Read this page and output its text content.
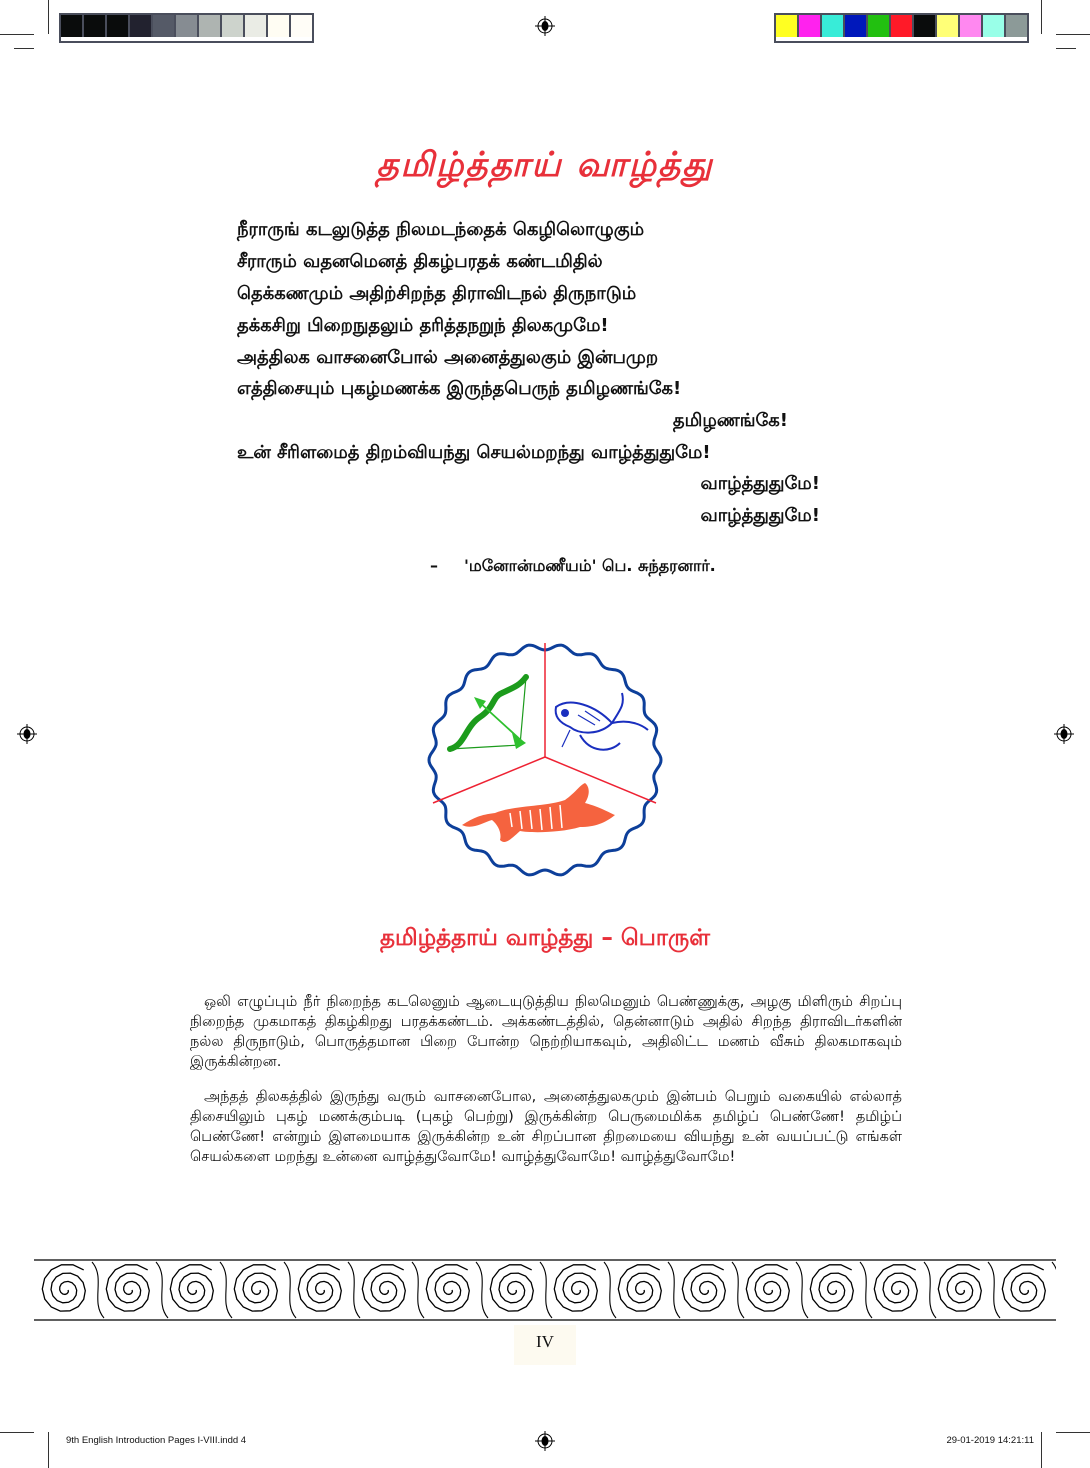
தமிழ்த்தாய் வாழ்த்து
நீராருங் கடலுடுத்த நிலமடந்தைக் கெழிலொழுகும்
சீராரும் வதனமெனத் திகழ்பரதக் கண்டமிதில்
தெக்கணமும் அதிற்சிறந்த திராவிடநல் திருநாடும்
தக்கசிறு பிறைநுதலும் தரித்தநறுந் திலகமுமே!
அத்திலக வாசனைபோல் அனைத்துலகும் இன்பமுற
எத்திசையும் புகழ்மணக்க இருந்தபெருந் தமிழணங்கே!
தமிழணங்கே!
உன் சீரிளமைத் திறம்வியந்து செயல்மறந்து வாழ்த்துதுமே!
வாழ்த்துதுமே!
வாழ்த்துதுமே!
– 'மனோன்மணீயம்' பெ. சுந்தரனார்.
தமிழ்த்தாய் வாழ்த்து – பொருள்
ஒலி எழுப்பும் நீர் நிறைந்த கடலெனும் ஆடையுடுத்திய நிலமெனும் பெண்ணுக்கு, அழகு மிளிரும் சிறப்பு நிறைந்த முகமாகத் திகழ்கிறது பரதக்கண்டம். அக்கண்டத்தில், தென்னாடும் அதில் சிறந்த திராவிடர்களின் நல்ல திருநாடும், பொருத்தமான பிறை போன்ற நெற்றியாகவும், அதிலிட்ட மணம் வீசும் திலகமாகவும் இருக்கின்றன.
அந்தத் திலகத்தில் இருந்து வரும் வாசனைபோல, அனைத்துலகமும் இன்பம் பெறும் வகையில் எல்லாத் திசையிலும் புகழ் மணக்கும்படி (புகழ் பெற்று) இருக்கின்ற பெருமைமிக்க தமிழ்ப் பெண்ணே! தமிழ்ப் பெண்ணே! என்றும் இளமையாக இருக்கின்ற உன் சிறப்பான திறமையை வியந்து உன் வயப்பட்டு எங்கள் செயல்களை மறந்து உன்னை வாழ்த்துவோமே! வாழ்த்துவோமே! வாழ்த்துவோமே!
IV
9th English Introduction Pages I-VIII.indd 4	29-01-2019 14:21:11
